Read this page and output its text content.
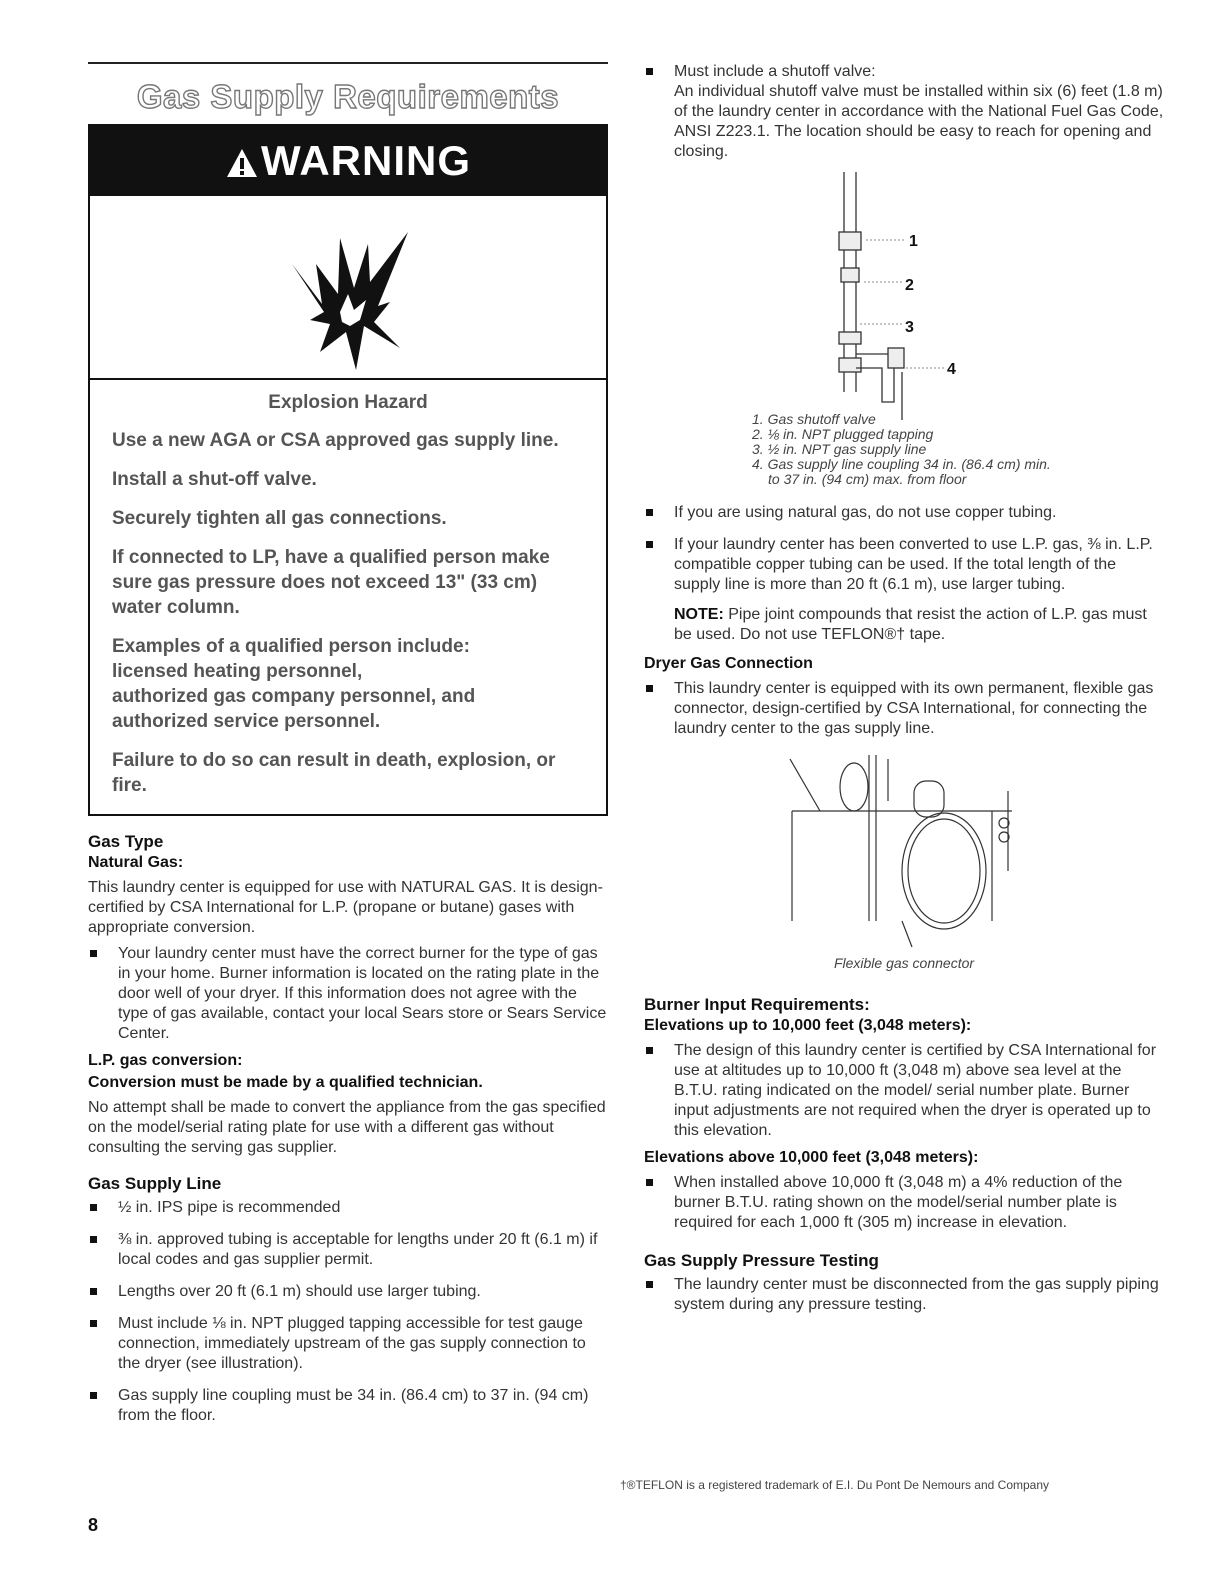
Gas Supply Requirements
WARNING
Explosion Hazard
Use a new AGA or CSA approved gas supply line.
Install a shut-off valve.
Securely tighten all gas connections.
If connected to LP, have a qualified person make sure gas pressure does not exceed 13" (33 cm) water column.
Examples of a qualified person include:
licensed heating personnel,
authorized gas company personnel, and
authorized service personnel.
Failure to do so can result in death, explosion, or fire.
Gas Type
Natural Gas:

This laundry center is equipped for use with NATURAL GAS. It is design-certified by CSA International for L.P. (propane or butane) gases with appropriate conversion.

Your laundry center must have the correct burner for the type of gas in your home. Burner information is located on the rating plate in the door well of your dryer. If this information does not agree with the type of gas available, contact your local Sears store or Sears Service Center.
L.P. gas conversion:
Conversion must be made by a qualified technician.

No attempt shall be made to convert the appliance from the gas specified on the model/serial rating plate for use with a different gas without consulting the serving gas supplier.

Gas Supply Line
½ in. IPS pipe is recommended
⅜ in. approved tubing is acceptable for lengths under 20 ft (6.1 m) if local codes and gas supplier permit.
Lengths over 20 ft (6.1 m) should use larger tubing.
Must include ⅛ in. NPT plugged tapping accessible for test gauge connection, immediately upstream of the gas supply connection to the dryer (see illustration).
Gas supply line coupling must be 34 in. (86.4 cm) to 37 in. (94 cm) from the floor.
Must include a shutoff valve:
An individual shutoff valve must be installed within six (6) feet (1.8 m) of the laundry center in accordance with the National Fuel Gas Code, ANSI Z223.1. The location should be easy to reach for opening and closing.
1
2
3
4
1. Gas shutoff valve
2. ⅛ in. NPT plugged tapping
3. ½ in. NPT gas supply line
4. Gas supply line coupling 34 in. (86.4 cm) min.
to 37 in. (94 cm) max. from floor
If you are using natural gas, do not use copper tubing.
If your laundry center has been converted to use L.P. gas, ⅜ in. L.P. compatible copper tubing can be used. If the total length of the supply line is more than 20 ft (6.1 m), use larger tubing.

NOTE: Pipe joint compounds that resist the action of L.P. gas must be used. Do not use TEFLON®† tape.

Dryer Gas Connection
This laundry center is equipped with its own permanent, flexible gas connector, design-certified by CSA International, for connecting the laundry center to the gas supply line.
Flexible gas connector
Burner Input Requirements:
Elevations up to 10,000 feet (3,048 meters):
The design of this laundry center is certified by CSA International for use at altitudes up to 10,000 ft (3,048 m) above sea level at the B.T.U. rating indicated on the model/ serial number plate. Burner input adjustments are not required when the dryer is operated up to this elevation.
Elevations above 10,000 feet (3,048 meters):
When installed above 10,000 ft (3,048 m) a 4% reduction of the burner B.T.U. rating shown on the model/serial number plate is required for each 1,000 ft (305 m) increase in elevation.
Gas Supply Pressure Testing
The laundry center must be disconnected from the gas supply piping system during any pressure testing.
†®TEFLON is a registered trademark of E.I. Du Pont De Nemours and Company
8
